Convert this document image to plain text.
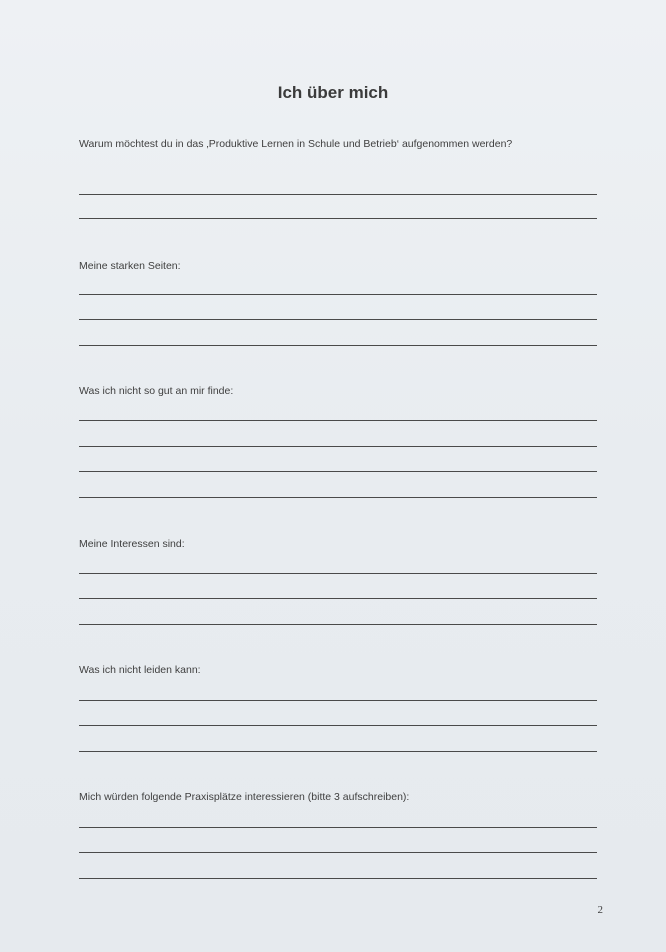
Ich über mich
Warum möchtest du in das ‚Produktive Lernen in Schule und Betrieb‘ aufgenommen werden?
Meine starken Seiten:
Was ich nicht so gut an mir finde:
Meine Interessen sind:
Was ich nicht leiden kann:
Mich würden folgende Praxisplätze interessieren (bitte 3 aufschreiben):
2
